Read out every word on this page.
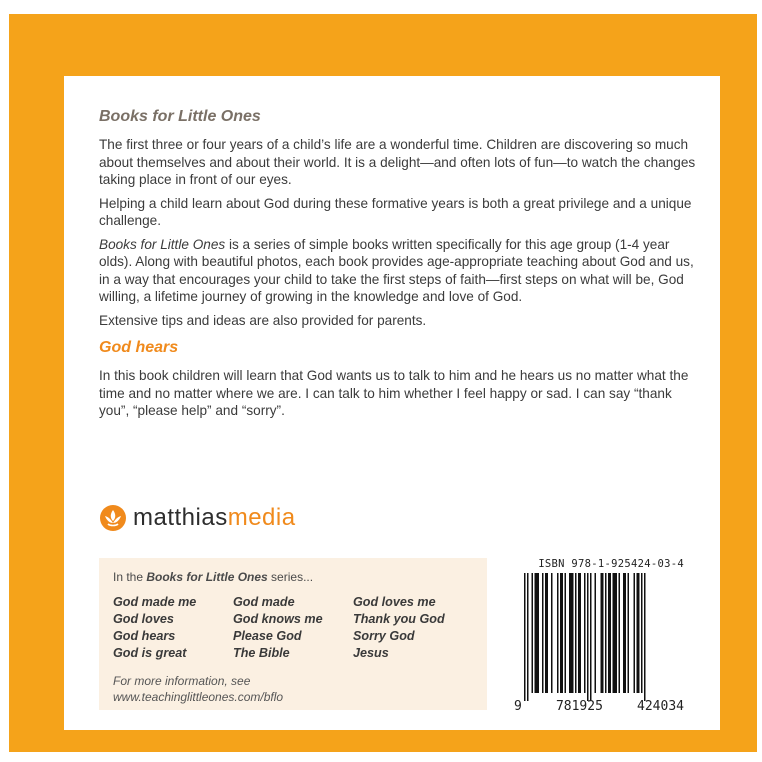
Books for Little Ones

The first three or four years of a child’s life are a wonderful time. Children are discovering so much about themselves and about their world. It is a delight—and often lots of fun—to watch the changes taking place in front of our eyes.

Helping a child learn about God during these formative years is both a great privilege and a unique challenge.

Books for Little Ones is a series of simple books written specifically for this age group (1-4 year olds). Along with beautiful photos, each book provides age-appropriate teaching about God and us, in a way that encourages your child to take the first steps of faith—first steps on what will be, God willing, a lifetime journey of growing in the knowledge and love of God.

Extensive tips and ideas are also provided for parents.

God hears

In this book children will learn that God wants us to talk to him and he hears us no matter what the time and no matter where we are. I can talk to him whether I feel happy or sad. I can say “thank you”, “please help” and “sorry”.

matthiasmedia
In the Books for Little Ones series...
God made me
God loves
God hears
God is great
God made
God knows me
Please God
The Bible
God loves me
Thank you God
Sorry God
Jesus
For more information, see
www.teachinglittleones.com/bflo
ISBN 978-1-925424-03-4
9	781925	424034
